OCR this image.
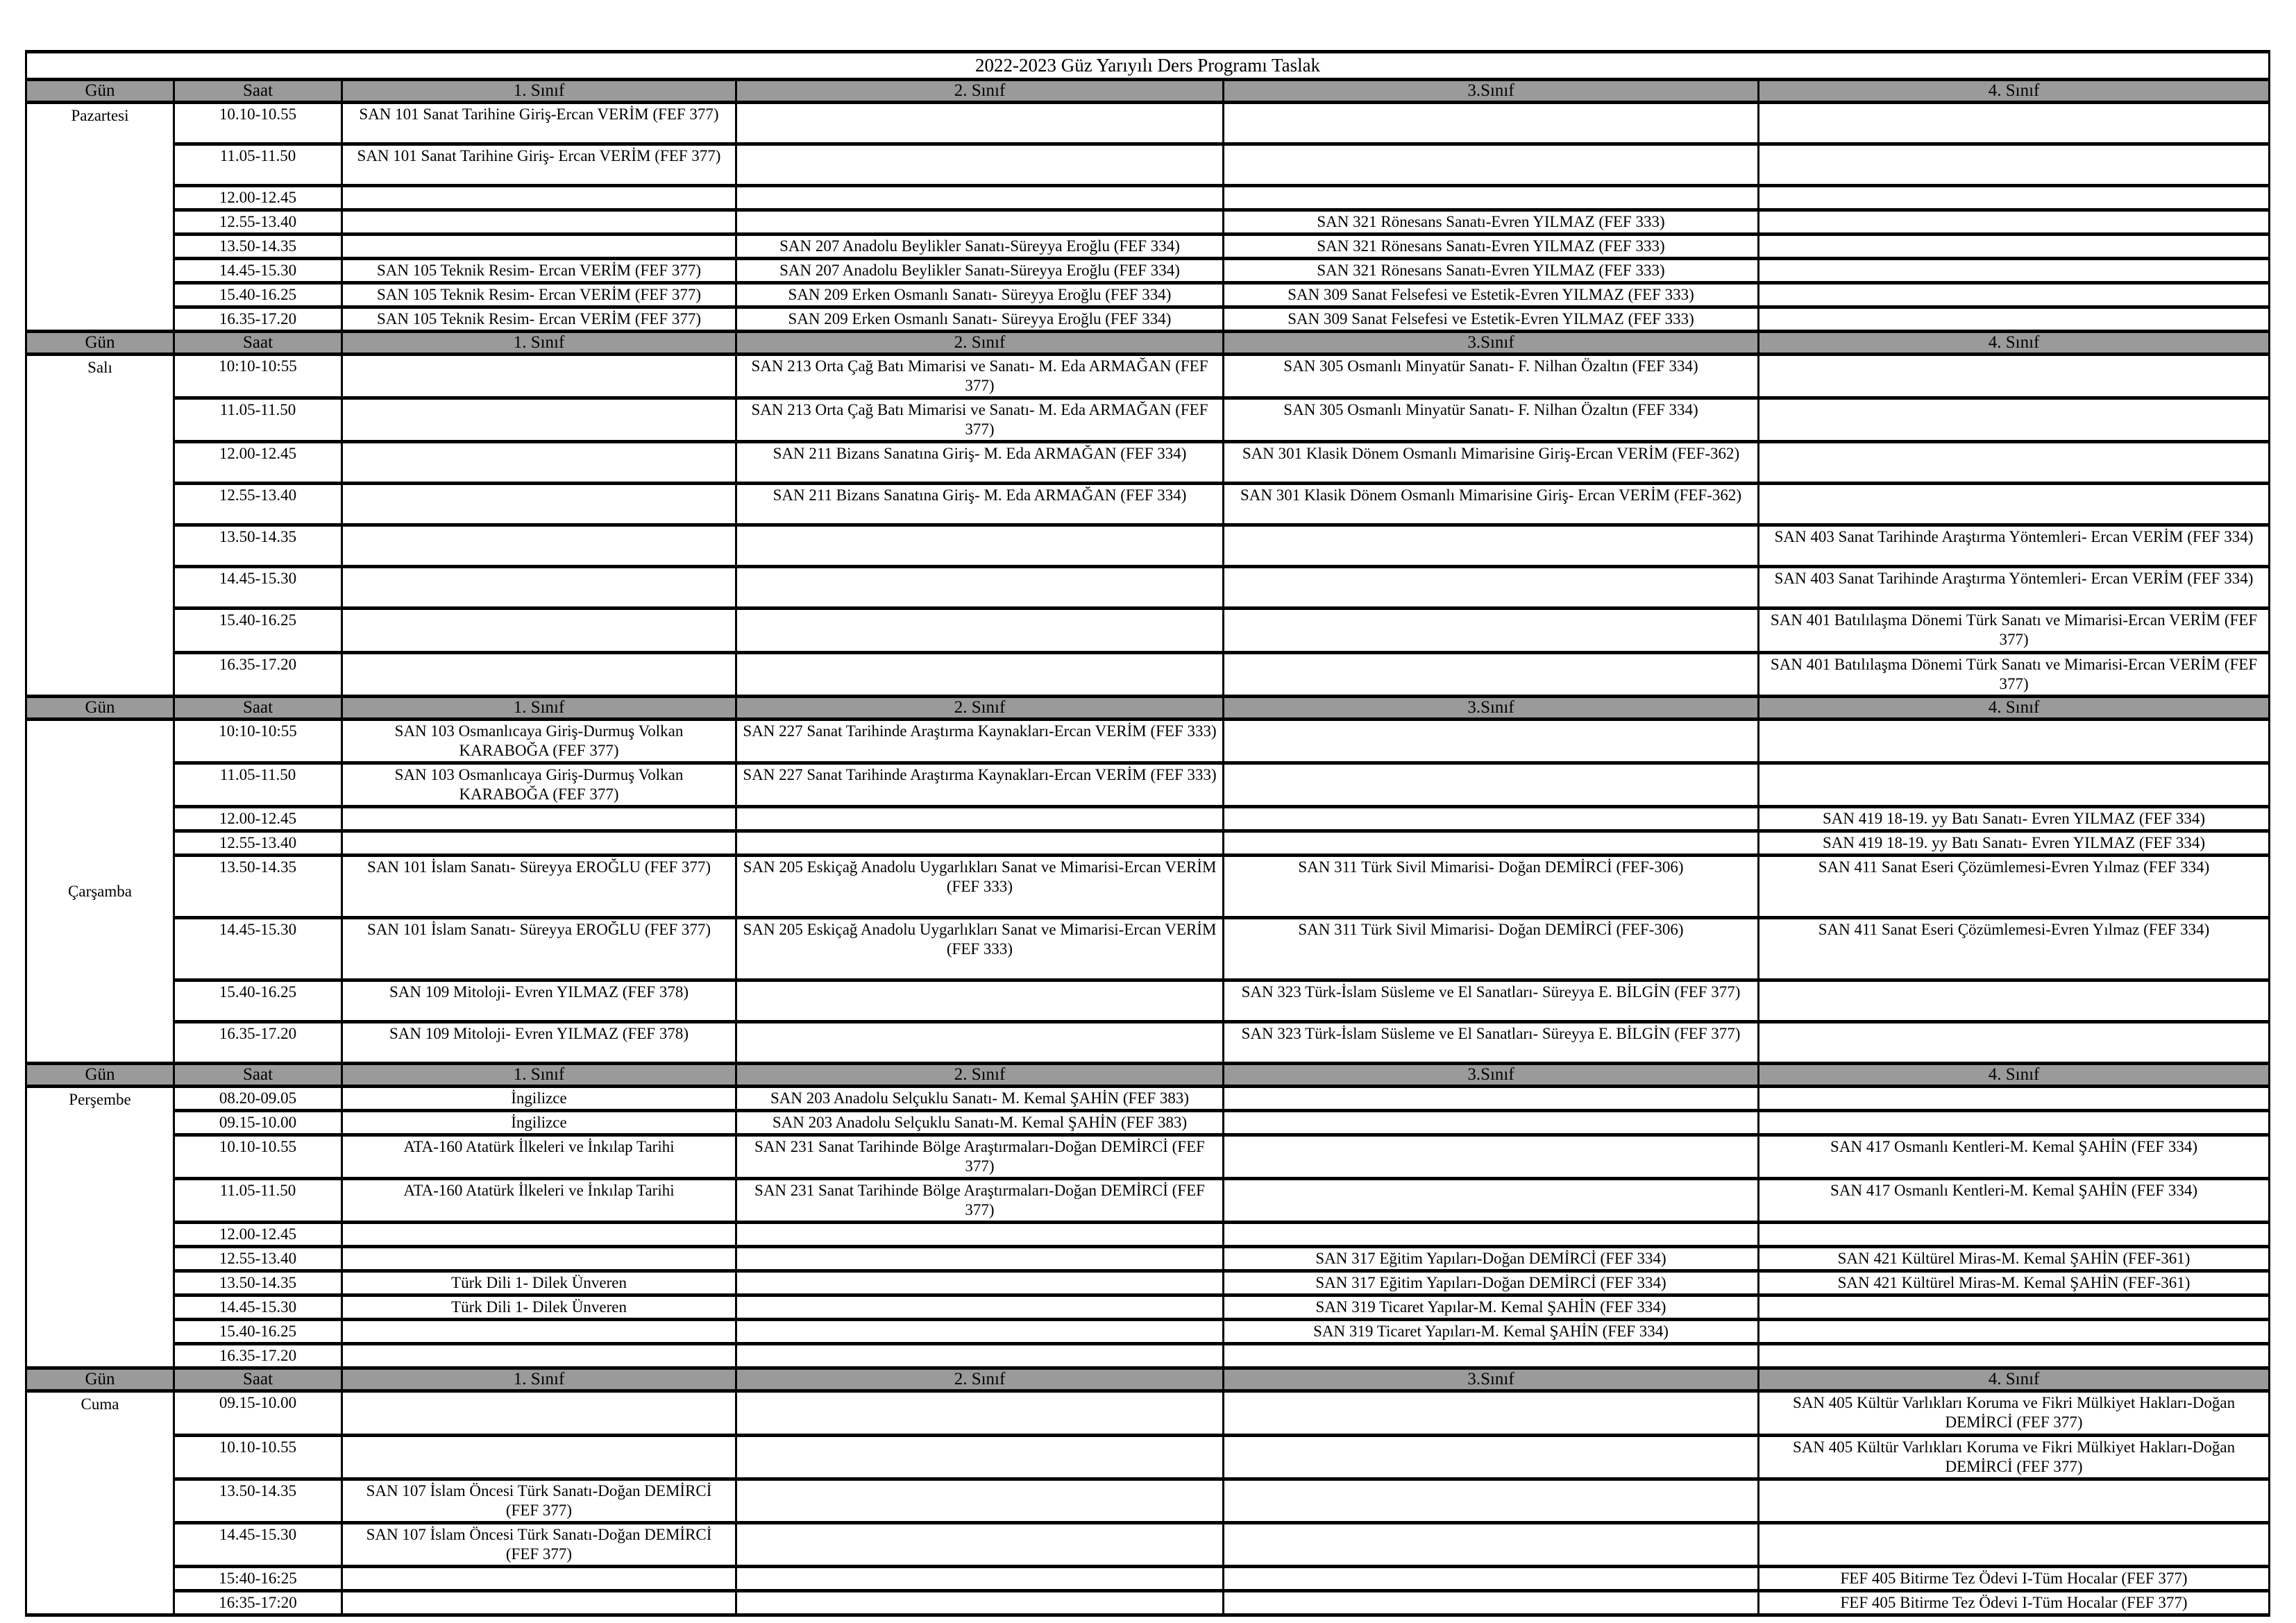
2022-2023 Güz Yarıyılı Ders Programı Taslak					
Gün	Saat	1. Sınıf	2. Sınıf	3.Sınıf	4. Sınıf
Pazartesi	10.10-10.55	SAN 101 Sanat Tarihine Giriş-Ercan VERİM (FEF 377)			
	11.05-11.50	SAN 101 Sanat Tarihine Giriş- Ercan VERİM (FEF 377)			
	12.00-12.45				
	12.55-13.40			SAN 321 Rönesans Sanatı-Evren YILMAZ (FEF 333)	
	13.50-14.35		SAN 207 Anadolu Beylikler Sanatı-Süreyya Eroğlu (FEF 334)	SAN 321 Rönesans Sanatı-Evren YILMAZ (FEF 333)	
	14.45-15.30	SAN 105 Teknik Resim- Ercan VERİM (FEF 377)	SAN 207 Anadolu Beylikler Sanatı-Süreyya Eroğlu (FEF 334)	SAN 321 Rönesans Sanatı-Evren YILMAZ (FEF 333)	
	15.40-16.25	SAN 105 Teknik Resim- Ercan VERİM (FEF 377)	SAN 209 Erken Osmanlı Sanatı- Süreyya Eroğlu (FEF 334)	SAN 309 Sanat Felsefesi ve Estetik-Evren YILMAZ (FEF 333)	
	16.35-17.20	SAN 105 Teknik Resim- Ercan VERİM (FEF 377)	SAN 209 Erken Osmanlı Sanatı- Süreyya Eroğlu (FEF 334)	SAN 309 Sanat Felsefesi ve Estetik-Evren YILMAZ (FEF 333)	
Gün	Saat	1. Sınıf	2. Sınıf	3.Sınıf	4. Sınıf
Salı	10:10-10:55		SAN 213 Orta Çağ Batı Mimarisi ve Sanatı- M. Eda ARMAĞAN (FEF 377)	SAN 305 Osmanlı Minyatür Sanatı- F. Nilhan Özaltın (FEF 334)	
	11.05-11.50		SAN 213 Orta Çağ Batı Mimarisi ve Sanatı- M. Eda ARMAĞAN (FEF 377)	SAN 305 Osmanlı Minyatür Sanatı- F. Nilhan Özaltın (FEF 334)	
	12.00-12.45		SAN 211 Bizans Sanatına Giriş- M. Eda ARMAĞAN (FEF 334)	SAN 301 Klasik Dönem Osmanlı Mimarisine Giriş-Ercan VERİM (FEF-362)	
	12.55-13.40		SAN 211 Bizans Sanatına Giriş- M. Eda ARMAĞAN (FEF 334)	SAN 301 Klasik Dönem Osmanlı Mimarisine Giriş- Ercan VERİM (FEF-362)	
	13.50-14.35				SAN 403 Sanat Tarihinde Araştırma Yöntemleri- Ercan VERİM (FEF 334)
	14.45-15.30				SAN 403 Sanat Tarihinde Araştırma Yöntemleri- Ercan VERİM (FEF 334)
	15.40-16.25				SAN 401 Batılılaşma Dönemi Türk Sanatı ve Mimarisi-Ercan VERİM (FEF 377)
	16.35-17.20				SAN 401 Batılılaşma Dönemi Türk Sanatı ve Mimarisi-Ercan VERİM (FEF 377)
Gün	Saat	1. Sınıf	2. Sınıf	3.Sınıf	4. Sınıf
Çarşamba	10:10-10:55	SAN 103 Osmanlıcaya Giriş-Durmuş Volkan KARABOĞA (FEF 377)	SAN 227 Sanat Tarihinde Araştırma Kaynakları-Ercan VERİM (FEF 333)		
	11.05-11.50	SAN 103 Osmanlıcaya Giriş-Durmuş Volkan KARABOĞA (FEF 377)	SAN 227 Sanat Tarihinde Araştırma Kaynakları-Ercan VERİM (FEF 333)		
	12.00-12.45				SAN 419 18-19. yy Batı Sanatı- Evren YILMAZ (FEF 334)
	12.55-13.40				SAN 419 18-19. yy Batı Sanatı- Evren YILMAZ (FEF 334)
	13.50-14.35	SAN 101 İslam Sanatı- Süreyya EROĞLU (FEF 377)	SAN 205 Eskiçağ Anadolu Uygarlıkları Sanat ve Mimarisi-Ercan VERİM (FEF 333)	SAN 311 Türk Sivil Mimarisi- Doğan DEMİRCİ (FEF-306)	SAN 411 Sanat Eseri Çözümlemesi-Evren Yılmaz (FEF 334)
	14.45-15.30	SAN 101 İslam Sanatı- Süreyya EROĞLU (FEF 377)	SAN 205 Eskiçağ Anadolu Uygarlıkları Sanat ve Mimarisi-Ercan VERİM (FEF 333)	SAN 311 Türk Sivil Mimarisi- Doğan DEMİRCİ (FEF-306)	SAN 411 Sanat Eseri Çözümlemesi-Evren Yılmaz (FEF 334)
	15.40-16.25	SAN 109 Mitoloji- Evren YILMAZ (FEF 378)		SAN 323 Türk-İslam Süsleme ve El Sanatları- Süreyya E. BİLGİN (FEF 377)	
	16.35-17.20	SAN 109 Mitoloji- Evren YILMAZ (FEF 378)		SAN 323 Türk-İslam Süsleme ve El Sanatları- Süreyya E. BİLGİN (FEF 377)	
Gün	Saat	1. Sınıf	2. Sınıf	3.Sınıf	4. Sınıf
Perşembe	08.20-09.05	İngilizce	SAN 203 Anadolu Selçuklu Sanatı- M. Kemal ŞAHİN (FEF 383)		
	09.15-10.00	İngilizce	SAN 203 Anadolu Selçuklu Sanatı-M. Kemal ŞAHİN (FEF 383)		
	10.10-10.55	ATA-160 Atatürk İlkeleri ve İnkılap Tarihi	SAN 231 Sanat Tarihinde Bölge Araştırmaları-Doğan DEMİRCİ (FEF 377)		SAN 417 Osmanlı Kentleri-M. Kemal ŞAHİN (FEF 334)
	11.05-11.50	ATA-160 Atatürk İlkeleri ve İnkılap Tarihi	SAN 231 Sanat Tarihinde Bölge Araştırmaları-Doğan DEMİRCİ (FEF 377)		SAN 417 Osmanlı Kentleri-M. Kemal ŞAHİN (FEF 334)
	12.00-12.45				
	12.55-13.40			SAN 317 Eğitim Yapıları-Doğan DEMİRCİ (FEF 334)	SAN 421 Kültürel Miras-M. Kemal ŞAHİN (FEF-361)
	13.50-14.35	Türk Dili 1- Dilek Ünveren		SAN 317 Eğitim Yapıları-Doğan DEMİRCİ (FEF 334)	SAN 421 Kültürel Miras-M. Kemal ŞAHİN (FEF-361)
	14.45-15.30	Türk Dili 1- Dilek Ünveren		SAN 319 Ticaret Yapılar-M. Kemal ŞAHİN (FEF 334)	
	15.40-16.25			SAN 319 Ticaret Yapıları-M. Kemal ŞAHİN (FEF 334)	
	16.35-17.20				
Gün	Saat	1. Sınıf	2. Sınıf	3.Sınıf	4. Sınıf
Cuma	09.15-10.00				SAN 405 Kültür Varlıkları Koruma ve Fikri Mülkiyet Hakları-Doğan DEMİRCİ (FEF 377)
	10.10-10.55				SAN 405 Kültür Varlıkları Koruma ve Fikri Mülkiyet Hakları-Doğan DEMİRCİ (FEF 377)
	13.50-14.35	SAN 107 İslam Öncesi Türk Sanatı-Doğan DEMİRCİ (FEF 377)			
	14.45-15.30	SAN 107 İslam Öncesi Türk Sanatı-Doğan DEMİRCİ (FEF 377)			
	15:40-16:25				FEF 405 Bitirme Tez Ödevi I-Tüm Hocalar (FEF 377)
	16:35-17:20				FEF 405 Bitirme Tez Ödevi I-Tüm Hocalar (FEF 377)
